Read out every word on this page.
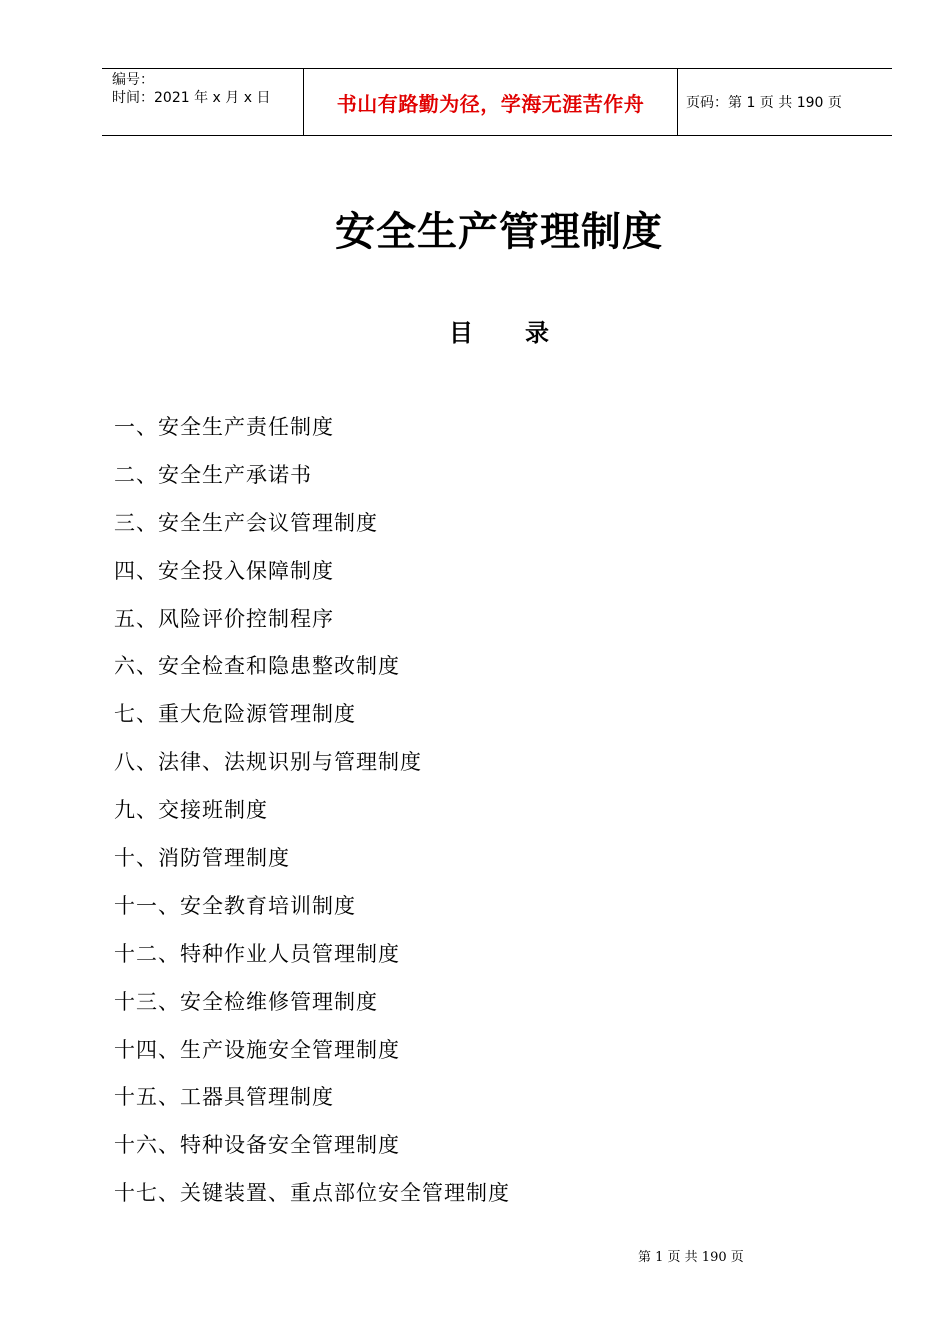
编号：
时间：2021 年 x 月 x 日	书山有路勤为径，学海无涯苦作舟	页码：第 1 页 共 190 页
安全生产管理制度
目 录
一、安全生产责任制度
二、安全生产承诺书
三、安全生产会议管理制度
四、安全投入保障制度
五、风险评价控制程序
六、安全检查和隐患整改制度
七、重大危险源管理制度
八、法律、法规识别与管理制度
九、交接班制度
十、消防管理制度
十一、安全教育培训制度
十二、特种作业人员管理制度
十三、安全检维修管理制度
十四、生产设施安全管理制度
十五、工器具管理制度
十六、特种设备安全管理制度
十七、关键装置、重点部位安全管理制度
第 1 页 共 190 页
